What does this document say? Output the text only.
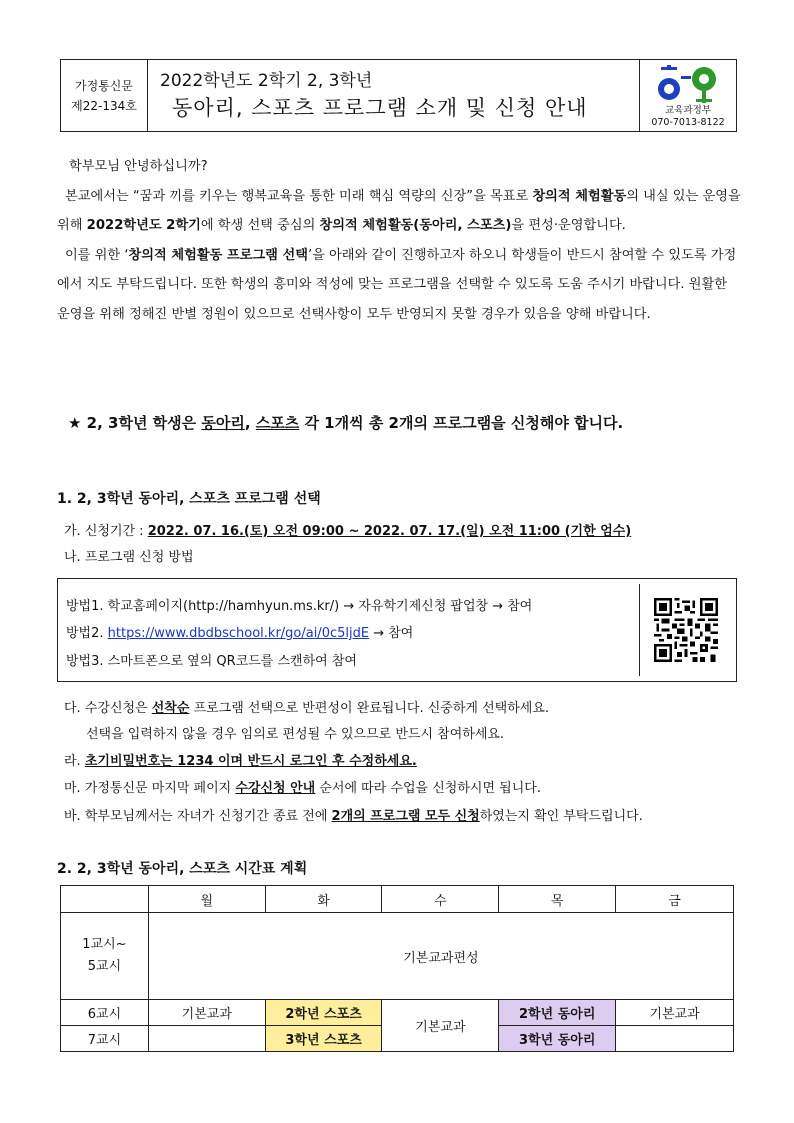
가정통신문
제22-134호
2022학년도 2학기 2, 3학년
동아리, 스포츠 프로그램 소개 및 신청 안내	교육과정부
070-7013-8122

학부모님 안녕하십니까?

본교에서는 “꿈과 끼를 키우는 행복교육을 통한 미래 핵심 역량의 신장”을 목표로 창의적 체험활동의 내실 있는 운영을 위해 2022학년도 2학기에 학생 선택 중심의 창의적 체험활동(동아리, 스포츠)을 편성·운영합니다.

이를 위한 ‘창의적 체험활동 프로그램 선택’을 아래와 같이 진행하고자 하오니 학생들이 반드시 참여할 수 있도록 가정에서 지도 부탁드립니다. 또한 학생의 흥미와 적성에 맞는 프로그램을 선택할 수 있도록 도움 주시기 바랍니다. 원활한 운영을 위해 정해진 반별 정원이 있으므로 선택사항이 모두 반영되지 못할 경우가 있음을 양해 바랍니다.

★ 2, 3학년 학생은 동아리, 스포츠 각 1개씩 총 2개의 프로그램을 신청해야 합니다.
1. 2, 3학년 동아리, 스포츠 프로그램 선택
가. 신청기간 : 2022. 07. 16.(토) 오전 09:00 ~ 2022. 07. 17.(일) 오전 11:00 (기한 엄수)
나. 프로그램 신청 방법
방법1. 학교홈페이지(http://hamhyun.ms.kr/) → 자유학기제신청 팝업창 → 참여
방법2. https://www.dbdbschool.kr/go/ai/0c5ljdE → 참여
방법3. 스마트폰으로 옆의 QR코드를 스캔하여 참여
다. 수강신청은 선착순 프로그램 선택으로 반편성이 완료됩니다. 신중하게 선택하세요.
선택을 입력하지 않을 경우 임의로 편성될 수 있으므로 반드시 참여하세요.
라. 초기비밀번호는 1234 이며 반드시 로그인 후 수정하세요.
마. 가정통신문 마지막 페이지 수강신청 안내 순서에 따라 수업을 신청하시면 됩니다.
바. 학부모님께서는 자녀가 신청기간 종료 전에 2개의 프로그램 모두 신청하였는지 확인 부탁드립니다.
2. 2, 3학년 동아리, 스포츠 시간표 계획
	월	화	수	목	금
1교시~
5교시	기본교과편성				
6교시	기본교과	2학년 스포츠	기본교과	2학년 동아리	기본교과
7교시		3학년 스포츠		3학년 동아리	
